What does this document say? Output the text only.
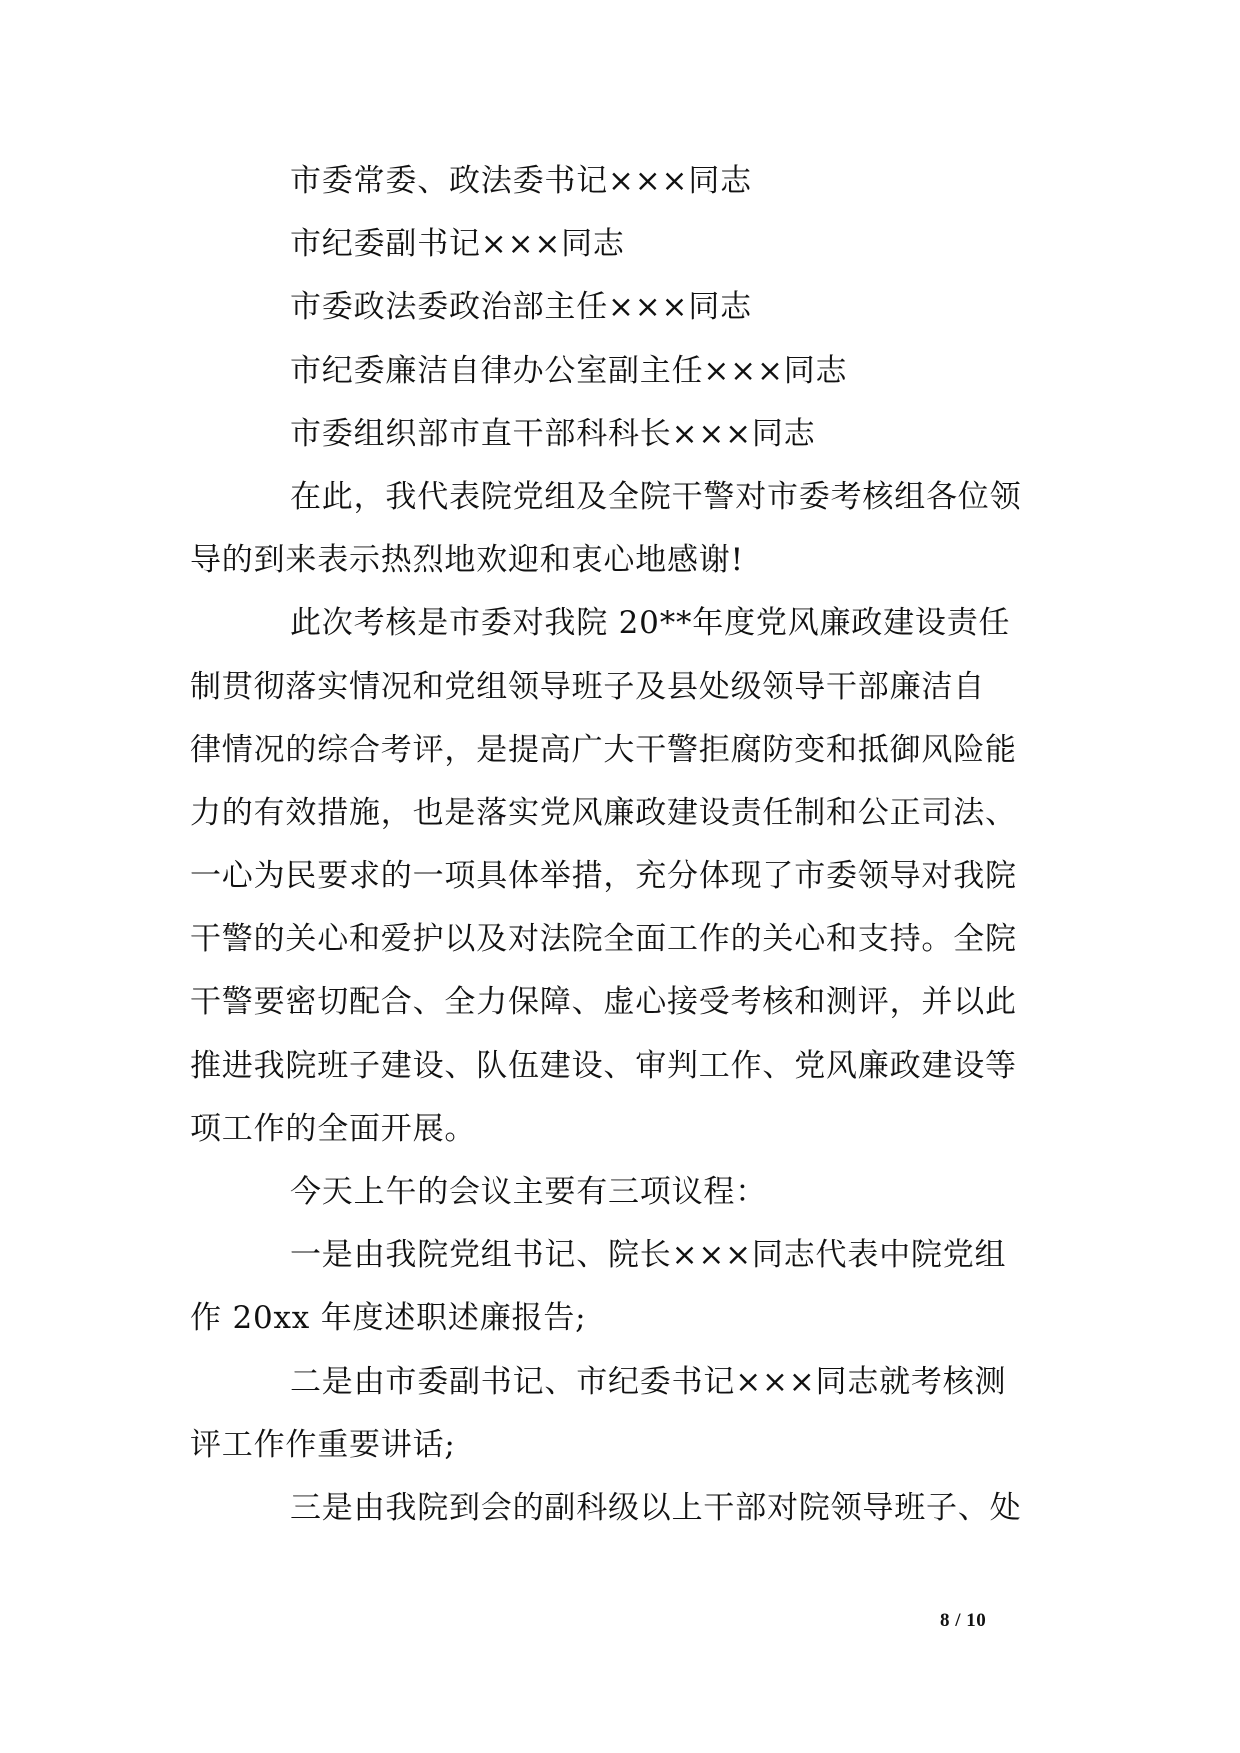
市委常委、政法委书记×××同志
市纪委副书记×××同志
市委政法委政治部主任×××同志
市纪委廉洁自律办公室副主任×××同志
市委组织部市直干部科科长×××同志
在此，我代表院党组及全院干警对市委考核组各位领
导的到来表示热烈地欢迎和衷心地感谢!
此次考核是市委对我院 20**年度党风廉政建设责任
制贯彻落实情况和党组领导班子及县处级领导干部廉洁自
律情况的综合考评，是提高广大干警拒腐防变和抵御风险能
力的有效措施，也是落实党风廉政建设责任制和公正司法、
一心为民要求的一项具体举措，充分体现了市委领导对我院
干警的关心和爱护以及对法院全面工作的关心和支持。全院
干警要密切配合、全力保障、虚心接受考核和测评，并以此
推进我院班子建设、队伍建设、审判工作、党风廉政建设等
项工作的全面开展。
今天上午的会议主要有三项议程：
一是由我院党组书记、院长×××同志代表中院党组
作 20xx 年度述职述廉报告;
二是由市委副书记、市纪委书记×××同志就考核测
评工作作重要讲话;
三是由我院到会的副科级以上干部对院领导班子、处
8 / 10
